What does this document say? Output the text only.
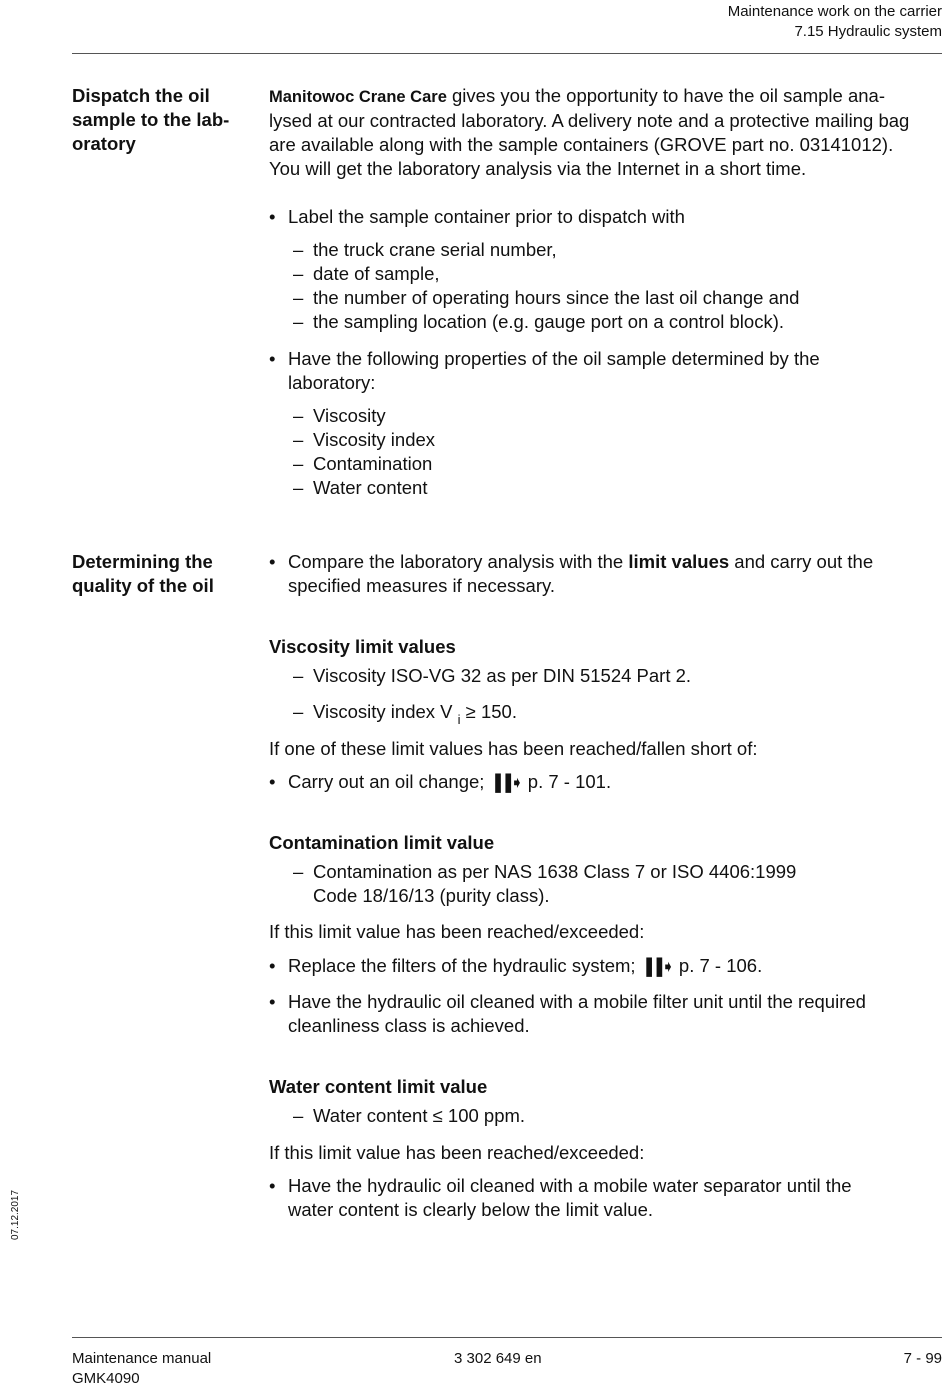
Maintenance work on the carrier
7.15 Hydraulic system
Dispatch the oil
sample to the lab-
oratory

Manitowoc Crane Care gives you the opportunity to have the oil sample ana-

lysed at our contracted laboratory. A delivery note and a protective mailing bag

are available along with the sample containers (GROVE part no. 03141012).

You will get the laboratory analysis via the Internet in a short time.

• Label the sample container prior to dispatch with
– the truck crane serial number,
– date of sample,
– the number of operating hours since the last oil change and
– the sampling location (e.g. gauge port on a control block).
• Have the following properties of the oil sample determined by the
laboratory:
– Viscosity
– Viscosity index
– Contamination
– Water content
Determining the
quality of the oil
• Compare the laboratory analysis with the limit values and carry out the
specified measures if necessary.
Viscosity limit values
– Viscosity ISO-VG 32 as per DIN 51524 Part 2.
– Viscosity index V $_i$ ≥ 150.
If one of these limit values has been reached/fallen short of:
• Carry out an oil change; ▐▐➧ p. 7 - 101.
Contamination limit value
– Contamination as per NAS 1638 Class 7 or ISO 4406:1999
Code 18/16/13 (purity class).
If this limit value has been reached/exceeded:
• Replace the filters of the hydraulic system; ▐▐➧ p. 7 - 106.
• Have the hydraulic oil cleaned with a mobile filter unit until the required
cleanliness class is achieved.
Water content limit value
– Water content ≤ 100 ppm.
If this limit value has been reached/exceeded:
• Have the hydraulic oil cleaned with a mobile water separator until the
water content is clearly below the limit value.
07.12.2017
Maintenance manual
GMK4090
3 302 649 en	7 - 99
